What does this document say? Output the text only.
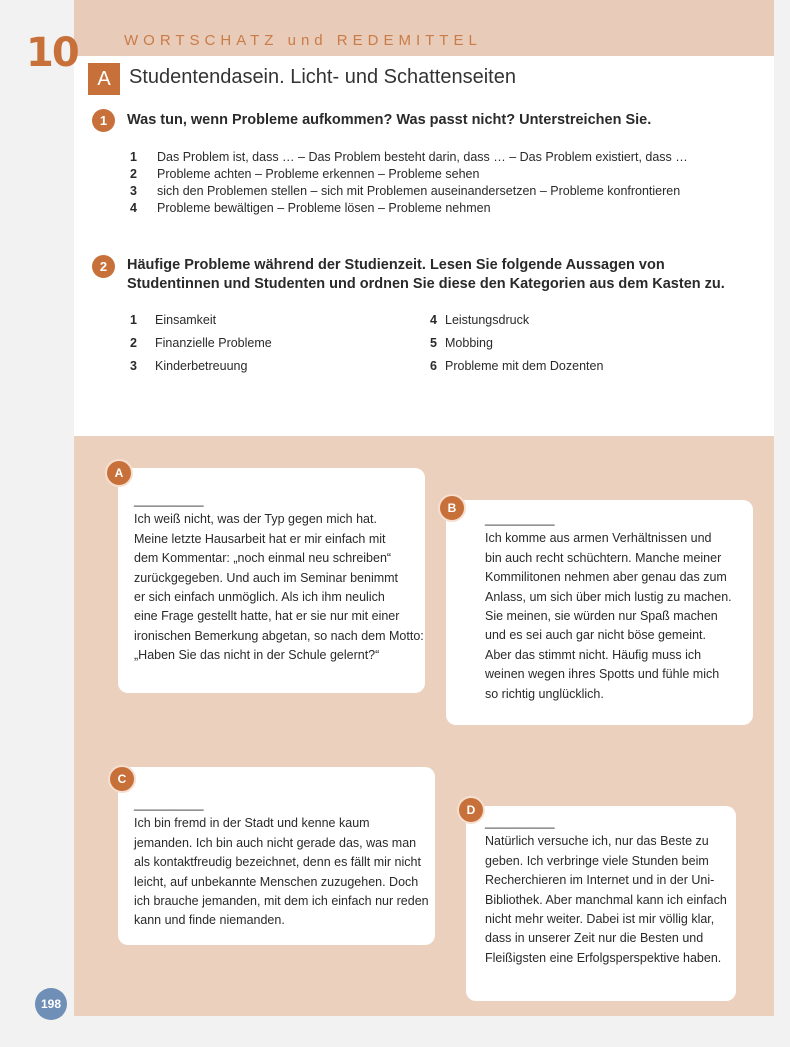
10	WORTSCHATZ und REDEMITTEL
A Studentendasein. Licht- und Schattenseiten
1	Was tun, wenn Probleme aufkommen? Was passt nicht? Unterstreichen Sie.
1 Das Problem ist, dass … – Das Problem besteht darin, dass … – Das Problem existiert, dass …
2 Probleme achten – Probleme erkennen – Probleme sehen
3 sich den Problemen stellen – sich mit Problemen auseinandersetzen – Probleme konfrontieren
4 Probleme bewältigen – Probleme lösen – Probleme nehmen
2	Häufige Probleme während der Studienzeit. Lesen Sie folgende Aussagen von
Studentinnen und Studenten und ordnen Sie diese den Kategorien aus dem Kasten zu.
1 Einsamkeit
2 Finanzielle Probleme
3 Kinderbetreuung
4 Leistungsdruck
5 Mobbing
6 Probleme mit dem Dozenten
A
__________
Ich weiß nicht, was der Typ gegen mich hat.
Meine letzte Hausarbeit hat er mir einfach mit
dem Kommentar: „noch einmal neu schreiben“
zurückgegeben. Und auch im Seminar benimmt
er sich einfach unmöglich. Als ich ihm neulich
eine Frage gestellt hatte, hat er sie nur mit einer
ironischen Bemerkung abgetan, so nach dem Motto:
„Haben Sie das nicht in der Schule gelernt?“
B
__________
Ich komme aus armen Verhältnissen und
bin auch recht schüchtern. Manche meiner
Kommilitonen nehmen aber genau das zum
Anlass, um sich über mich lustig zu machen.
Sie meinen, sie würden nur Spaß machen
und es sei auch gar nicht böse gemeint.
Aber das stimmt nicht. Häufig muss ich
weinen wegen ihres Spotts und fühle mich
so richtig unglücklich.
C
__________
Ich bin fremd in der Stadt und kenne kaum
jemanden. Ich bin auch nicht gerade das, was man
als kontaktfreudig bezeichnet, denn es fällt mir nicht
leicht, auf unbekannte Menschen zuzugehen. Doch
ich brauche jemanden, mit dem ich einfach nur reden
kann und finde niemanden.
D
__________
Natürlich versuche ich, nur das Beste zu
geben. Ich verbringe viele Stunden beim
Recherchieren im Internet und in der Uni-
Bibliothek. Aber manchmal kann ich einfach
nicht mehr weiter. Dabei ist mir völlig klar,
dass in unserer Zeit nur die Besten und
Fleißigsten eine Erfolgsperspektive haben.
198
